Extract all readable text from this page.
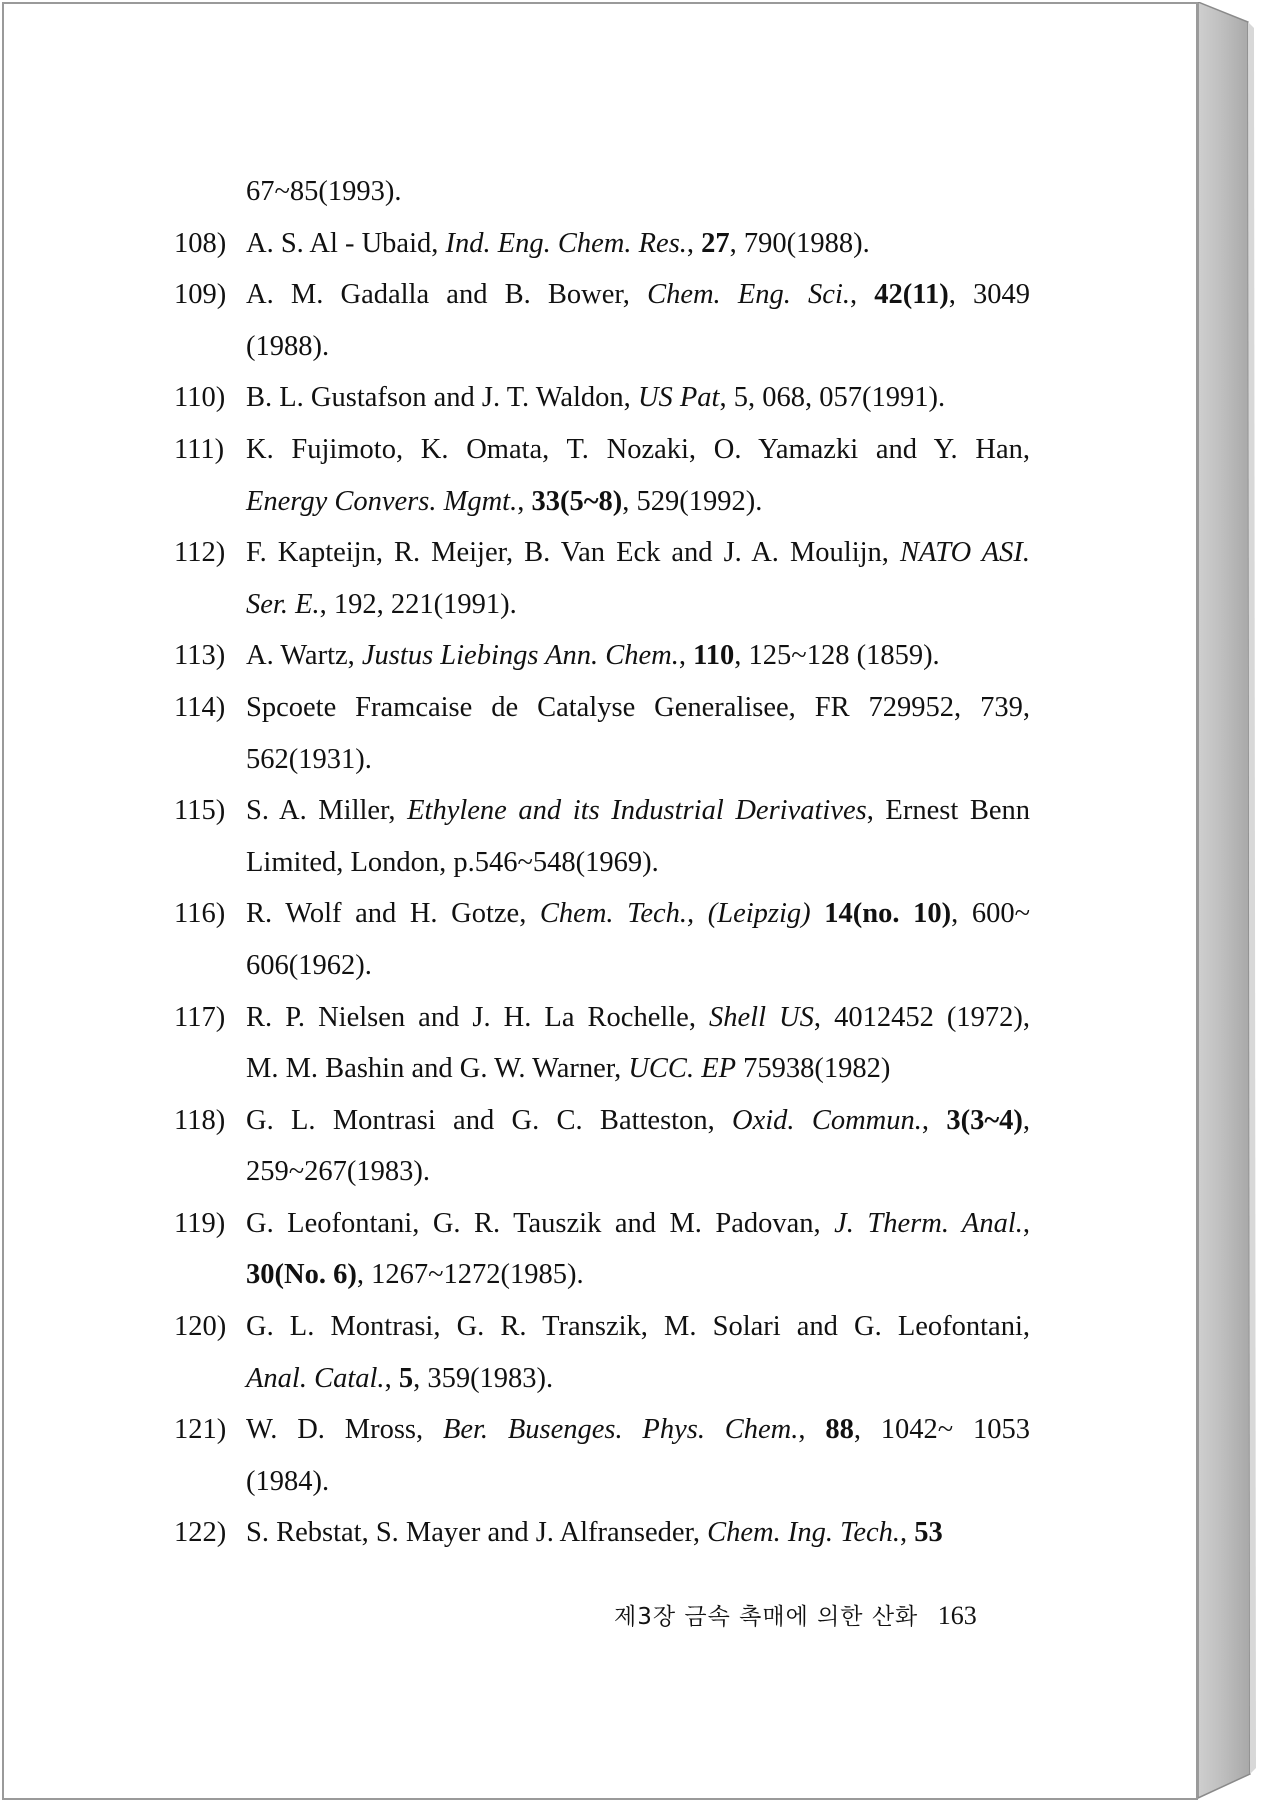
67~85(1993).
108) A. S. Al - Ubaid, Ind. Eng. Chem. Res., 27, 790(1988).
109) A. M. Gadalla and B. Bower, Chem. Eng. Sci., 42(11), 3049
(1988).
110) B. L. Gustafson and J. T. Waldon, US Pat, 5, 068, 057(1991).
111) K. Fujimoto, K. Omata, T. Nozaki, O. Yamazki and Y. Han,
Energy Convers. Mgmt., 33(5~8), 529(1992).
112) F. Kapteijn, R. Meijer, B. Van Eck and J. A. Moulijn, NATO ASI.
Ser. E., 192, 221(1991).
113) A. Wartz, Justus Liebings Ann. Chem., 110, 125~128 (1859).
114) Spcoete Framcaise de Catalyse Generalisee, FR 729952, 739,
562(1931).
115) S. A. Miller, Ethylene and its Industrial Derivatives, Ernest Benn
Limited, London, p.546~548(1969).
116) R. Wolf and H. Gotze, Chem. Tech., (Leipzig) 14(no. 10), 600~
606(1962).
117) R. P. Nielsen and J. H. La Rochelle, Shell US, 4012452 (1972),
M. M. Bashin and G. W. Warner, UCC. EP 75938(1982)
118) G. L. Montrasi and G. C. Batteston, Oxid. Commun., 3(3~4),
259~267(1983).
119) G. Leofontani, G. R. Tauszik and M. Padovan, J. Therm. Anal.,
30(No. 6), 1267~1272(1985).
120) G. L. Montrasi, G. R. Transzik, M. Solari and G. Leofontani,
Anal. Catal., 5, 359(1983).
121) W. D. Mross, Ber. Busenges. Phys. Chem., 88, 1042~ 1053
(1984).
122) S. Rebstat, S. Mayer and J. Alfranseder, Chem. Ing. Tech., 53
제3장 금속 촉매에 의한 산화 163
